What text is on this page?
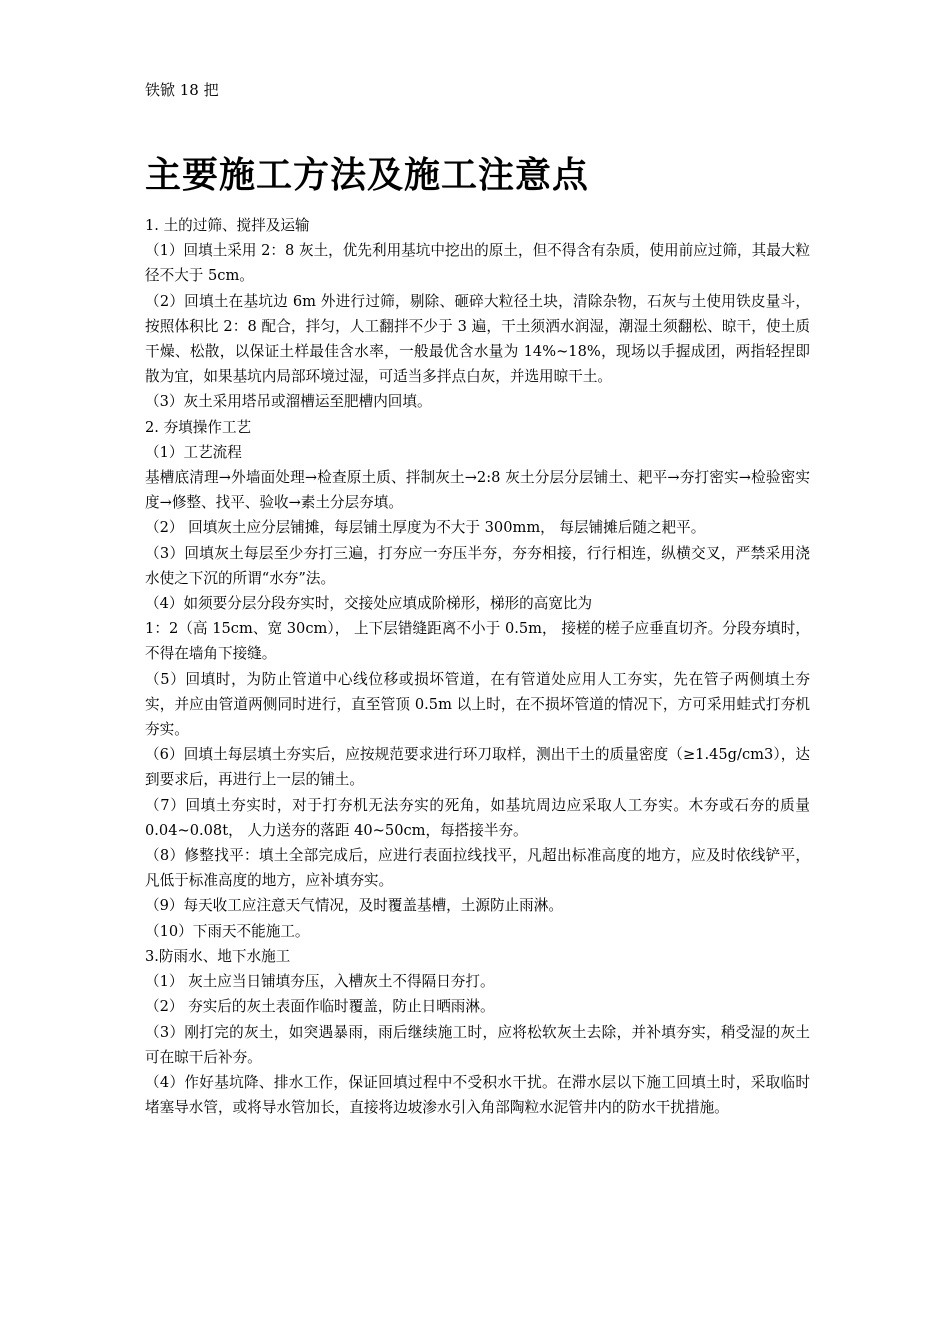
铁锨 18 把

主要施工方法及施工注意点

1. 土的过筛、搅拌及运输

（1）回填土采用 2：8 灰土，优先利用基坑中挖出的原土，但不得含有杂质，使用前应过筛，其最大粒径不大于 5cm。

（2）回填土在基坑边 6m 外进行过筛，剔除、砸碎大粒径土块，清除杂物，石灰与土使用铁皮量斗，按照体积比 2：8 配合，拌匀，人工翻拌不少于 3 遍，干土须洒水润湿，潮湿土须翻松、晾干，使土质干燥、松散，以保证土样最佳含水率，一般最优含水量为 14%~18%，现场以手握成团，两指轻捏即散为宜，如果基坑内局部环境过湿，可适当多拌点白灰，并选用晾干土。

（3）灰土采用塔吊或溜槽运至肥槽内回填。

2. 夯填操作工艺

（1）工艺流程

基槽底清理→外墙面处理→检查原土质、拌制灰土→2:8 灰土分层分层铺土、耙平→夯打密实→检验密实度→修整、找平、验收→素土分层夯填。

（2） 回填灰土应分层铺摊，每层铺土厚度为不大于 300mm， 每层铺摊后随之耙平。

（3）回填灰土每层至少夯打三遍，打夯应一夯压半夯，夯夯相接，行行相连，纵横交叉，严禁采用浇水使之下沉的所谓“水夯”法。

（4）如须要分层分段夯实时，交接处应填成阶梯形，梯形的高宽比为

1：2（高 15cm、宽 30cm）， 上下层错缝距离不小于 0.5m， 接槎的槎子应垂直切齐。分段夯填时，不得在墙角下接缝。

（5）回填时，为防止管道中心线位移或损坏管道，在有管道处应用人工夯实，先在管子两侧填土夯实，并应由管道两侧同时进行，直至管顶 0.5m 以上时，在不损坏管道的情况下，方可采用蛙式打夯机夯实。

（6）回填土每层填土夯实后，应按规范要求进行环刀取样，测出干土的质量密度（≥1.45g/cm3），达到要求后，再进行上一层的铺土。

（7）回填土夯实时，对于打夯机无法夯实的死角，如基坑周边应采取人工夯实。木夯或石夯的质量 0.04~0.08t， 人力送夯的落距 40~50cm，每搭接半夯。

（8）修整找平：填土全部完成后，应进行表面拉线找平，凡超出标准高度的地方，应及时依线铲平，凡低于标准高度的地方，应补填夯实。

（9）每天收工应注意天气情况，及时覆盖基槽，土源防止雨淋。

（10）下雨天不能施工。

3.防雨水、地下水施工

（1） 灰土应当日铺填夯压，入槽灰土不得隔日夯打。

（2） 夯实后的灰土表面作临时覆盖，防止日晒雨淋。

（3）刚打完的灰土，如突遇暴雨，雨后继续施工时，应将松软灰土去除，并补填夯实，稍受湿的灰土可在晾干后补夯。

（4）作好基坑降、排水工作，保证回填过程中不受积水干扰。在滞水层以下施工回填土时，采取临时堵塞导水管，或将导水管加长，直接将边坡渗水引入角部陶粒水泥管井内的防水干扰措施。
